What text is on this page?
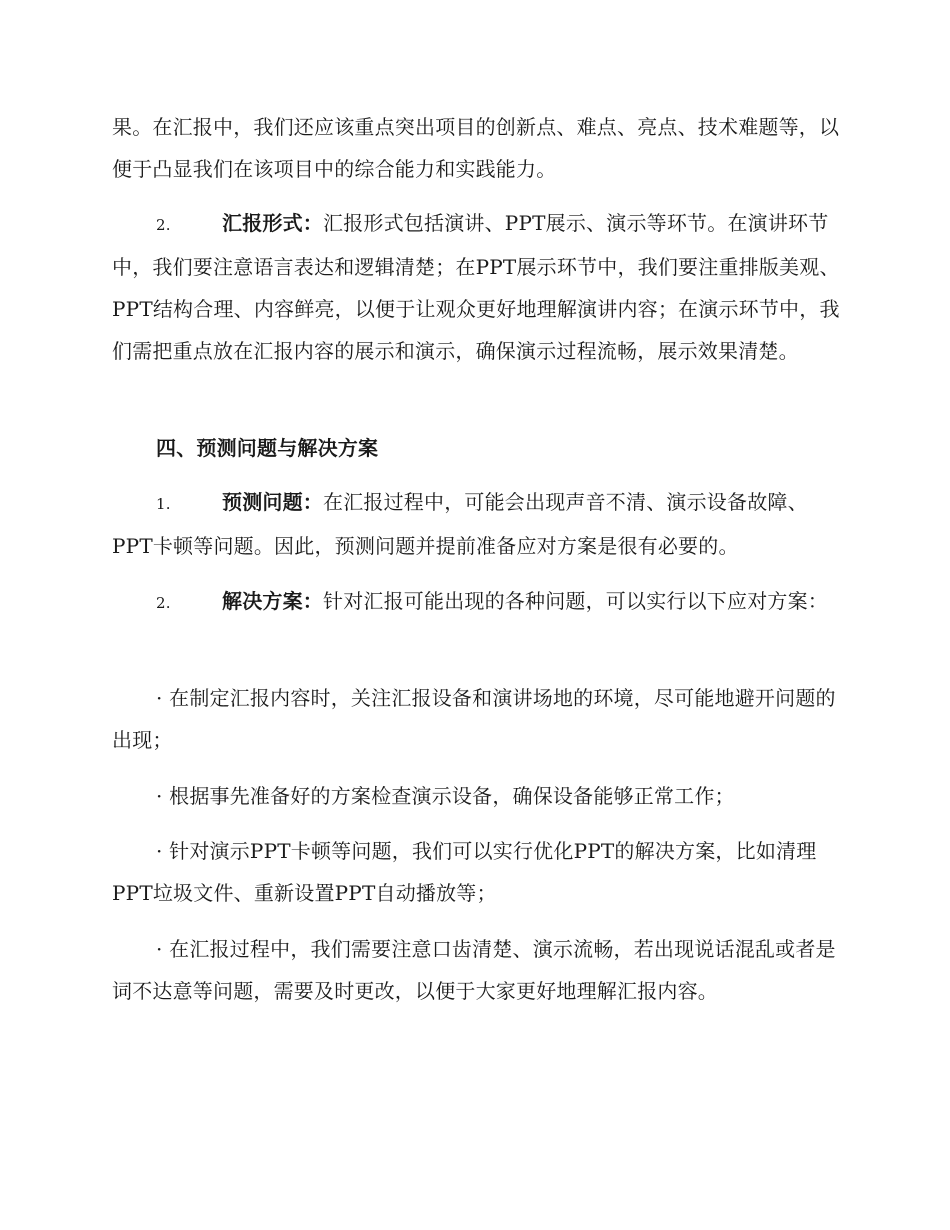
果。在汇报中，我们还应该重点突出项目的创新点、难点、亮点、技术难题等，以便于凸显我们在该项目中的综合能力和实践能力。
2.	汇报形式：汇报形式包括演讲、PPT展示、演示等环节。在演讲环节中，我们要注意语言表达和逻辑清楚；在PPT展示环节中，我们要注重排版美观、PPT结构合理、内容鲜亮，以便于让观众更好地理解演讲内容；在演示环节中，我们需把重点放在汇报内容的展示和演示，确保演示过程流畅，展示效果清楚。
四、预测问题与解决方案
1.	预测问题：在汇报过程中，可能会出现声音不清、演示设备故障、PPT卡顿等问题。因此，预测问题并提前准备应对方案是很有必要的。
2.	解决方案：针对汇报可能出现的各种问题，可以实行以下应对方案：
· 在制定汇报内容时，关注汇报设备和演讲场地的环境，尽可能地避开问题的出现；
· 根据事先准备好的方案检查演示设备，确保设备能够正常工作；
· 针对演示PPT卡顿等问题，我们可以实行优化PPT的解决方案，比如清理PPT垃圾文件、重新设置PPT自动播放等；
· 在汇报过程中，我们需要注意口齿清楚、演示流畅，若出现说话混乱或者是词不达意等问题，需要及时更改，以便于大家更好地理解汇报内容。
